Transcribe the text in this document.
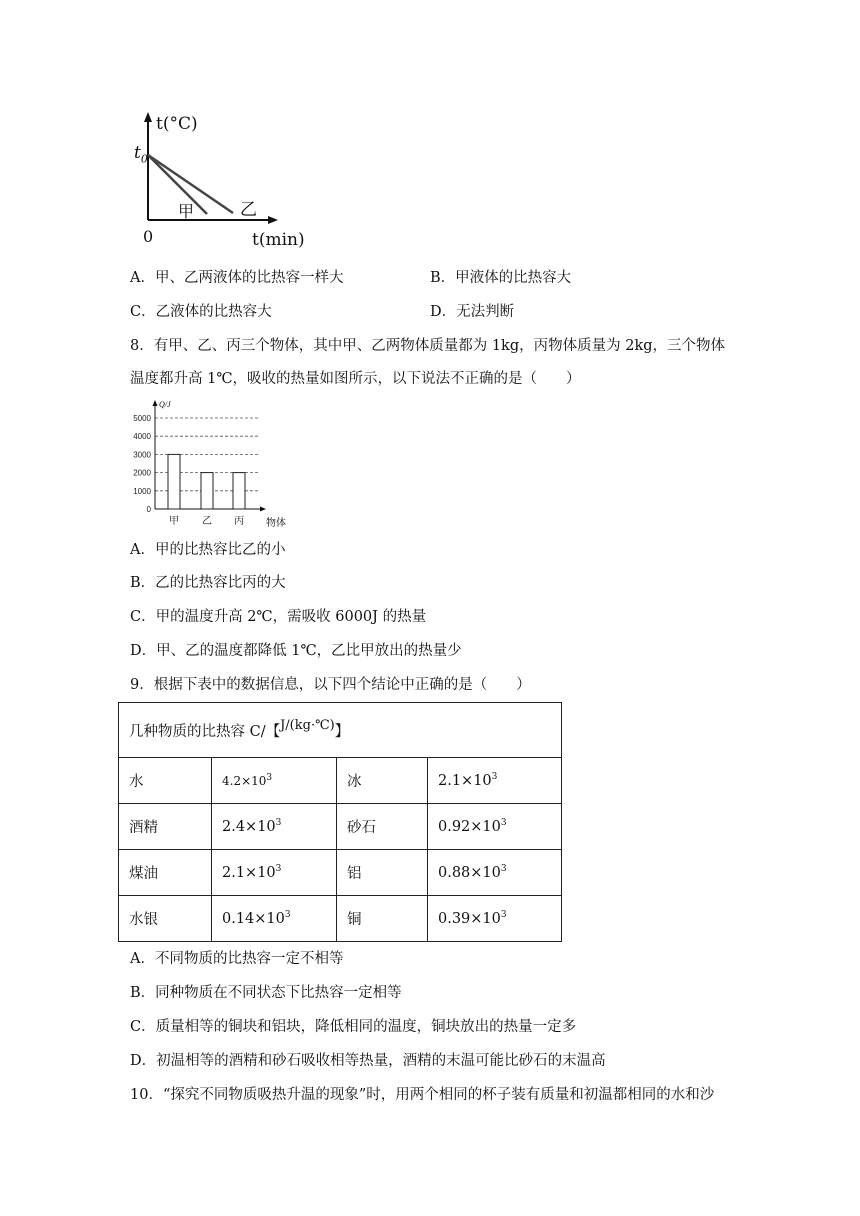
t(°C)
$t_0$
0	t(min)
甲	乙
A．甲、乙两液体的比热容一样大	B．甲液体的比热容大
C．乙液体的比热容大	D．无法判断
8．有甲、乙、丙三个物体，其中甲、乙两物体质量都为 1kg，丙物体质量为 2kg，三个物体
温度都升高 1℃，吸收的热量如图所示，以下说法不正确的是（　　）
0
1000
2000
3000
4000
5000
Q/J
物体
甲 乙 丙
A．甲的比热容比乙的小
B．乙的比热容比丙的大
C．甲的温度升高 2℃，需吸收 6000J 的热量
D．甲、乙的温度都降低 1℃，乙比甲放出的热量少
9．根据下表中的数据信息，以下四个结论中正确的是（　　）
几种物质的比热容 C/【J/(kg·℃)】			
水	$4.2\times 10^3$	冰	$2.1\times 10^3$
酒精	$2.4\times 10^3$	砂石	$0.92\times 10^3$
煤油	$2.1\times 10^3$	铝	$0.88\times 10^3$
水银	$0.14\times 10^3$	铜	$0.39\times 10^3$
A．不同物质的比热容一定不相等
B．同种物质在不同状态下比热容一定相等
C．质量相等的铜块和铝块，降低相同的温度，铜块放出的热量一定多
D．初温相等的酒精和砂石吸收相等热量，酒精的末温可能比砂石的末温高
10．“探究不同物质吸热升温的现象”时，用两个相同的杯子装有质量和初温都相同的水和沙
